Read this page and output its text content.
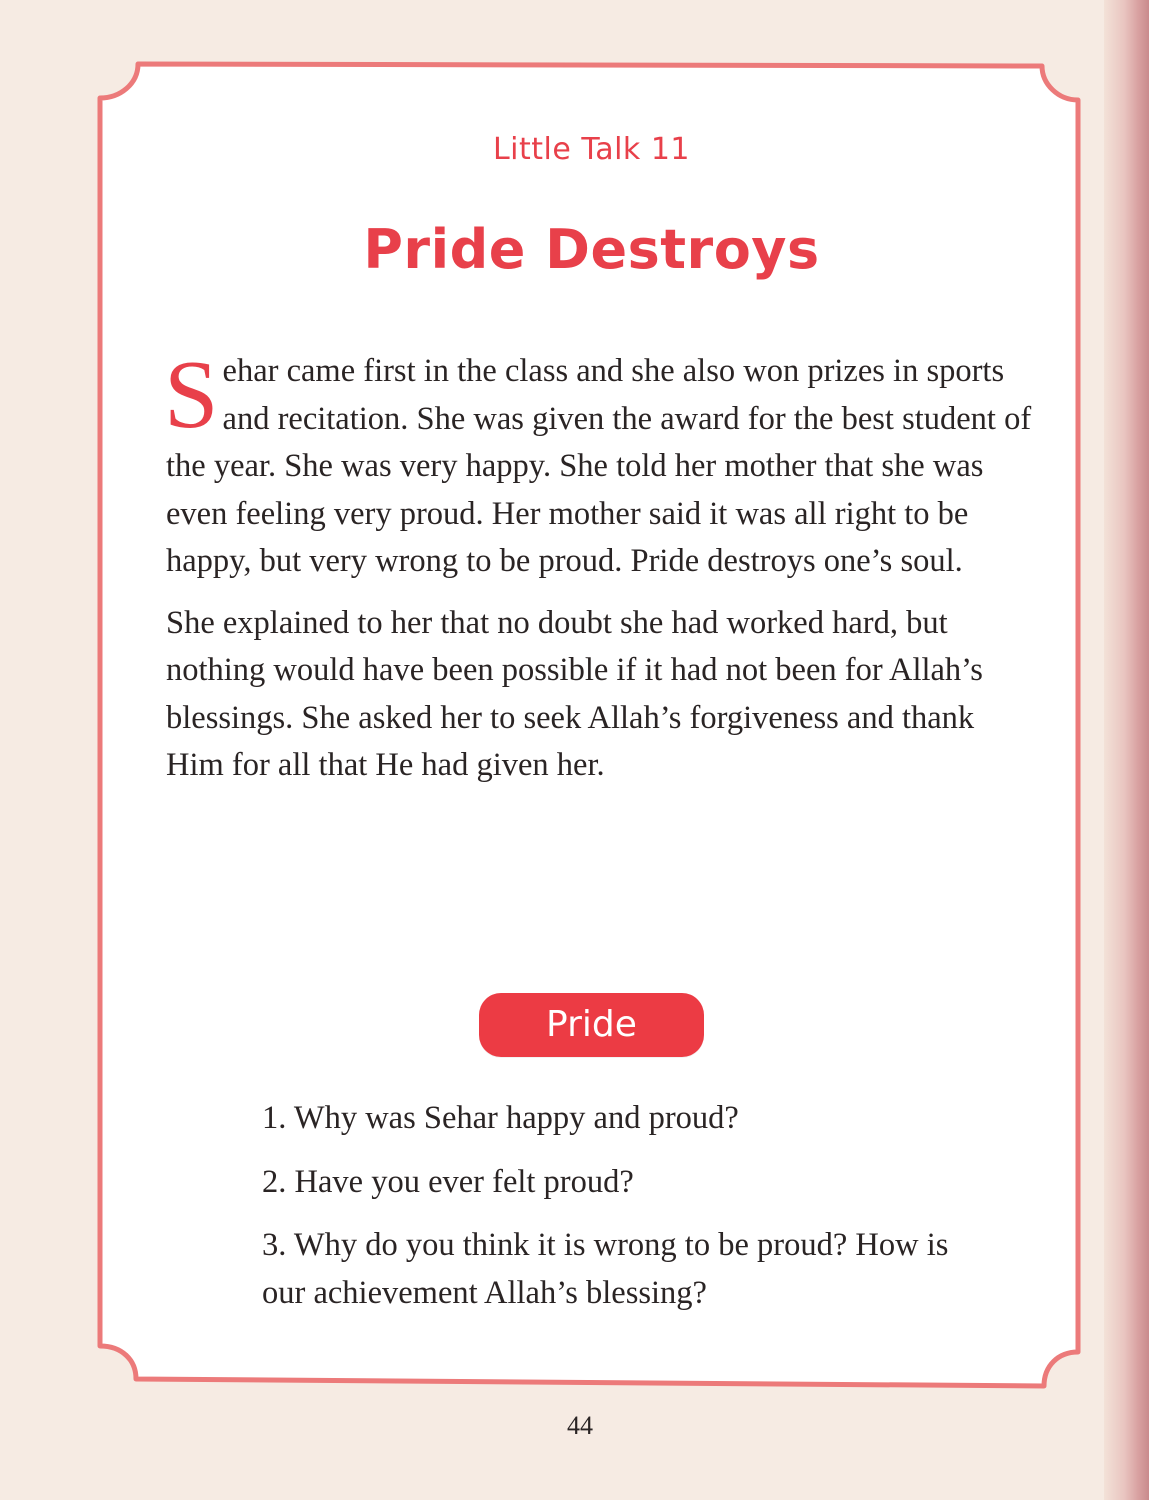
Little Talk 11
Pride Destroys

Sehar came first in the class and she also won prizes in sports and recitation. She was given the award for the best student of the year. She was very happy. She told her mother that she was even feeling very proud. Her mother said it was all right to be happy, but very wrong to be proud. Pride destroys one’s soul.

She explained to her that no doubt she had worked hard, but nothing would have been possible if it had not been for Allah’s blessings. She asked her to seek Allah’s forgiveness and thank Him for all that He had given her.

Pride

1. Why was Sehar happy and proud?

2. Have you ever felt proud?

3. Why do you think it is wrong to be proud? How is our achievement Allah’s blessing?

44
